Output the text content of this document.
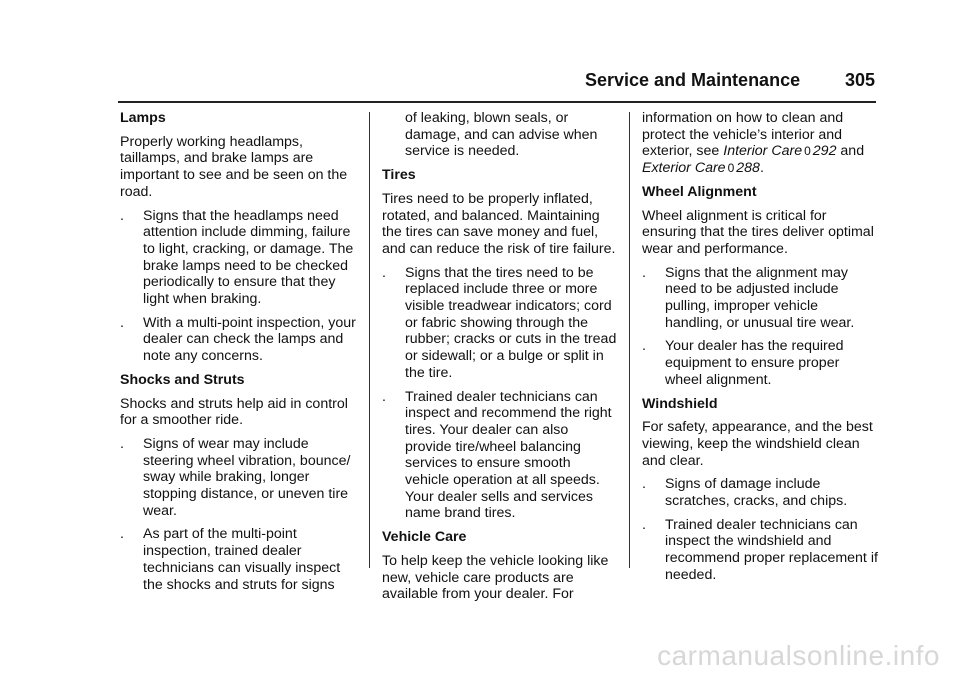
Service and Maintenance 305
Lamps

Properly working headlamps, taillamps, and brake lamps are important to see and be seen on the road.

.	Signs that the headlamps need attention include dimming, failure to light, cracking, or damage. The brake lamps need to be checked periodically to ensure that they light when braking.
.	With a multi-point inspection, your dealer can check the lamps and note any concerns.
Shocks and Struts

Shocks and struts help aid in control for a smoother ride.

.	Signs of wear may include steering wheel vibration, bounce/ sway while braking, longer stopping distance, or uneven tire wear.
.	As part of the multi-point inspection, trained dealer technicians can visually inspect the shocks and struts for signs

of leaking, blown seals, or damage, and can advise when service is needed.

Tires

Tires need to be properly inflated, rotated, and balanced. Maintaining the tires can save money and fuel, and can reduce the risk of tire failure.

.	Signs that the tires need to be replaced include three or more visible treadwear indicators; cord or fabric showing through the rubber; cracks or cuts in the tread or sidewall; or a bulge or split in the tire.
.	Trained dealer technicians can inspect and recommend the right tires. Your dealer can also provide tire/wheel balancing services to ensure smooth vehicle operation at all speeds. Your dealer sells and services name brand tires.
Vehicle Care

To help keep the vehicle looking like new, vehicle care products are available from your dealer. For

information on how to clean and protect the vehicle’s interior and exterior, see Interior Care 0 292 and Exterior Care 0 288.

Wheel Alignment

Wheel alignment is critical for ensuring that the tires deliver optimal wear and performance.

.	Signs that the alignment may need to be adjusted include pulling, improper vehicle handling, or unusual tire wear.
.	Your dealer has the required equipment to ensure proper wheel alignment.
Windshield

For safety, appearance, and the best viewing, keep the windshield clean and clear.

.	Signs of damage include scratches, cracks, and chips.
.	Trained dealer technicians can inspect the windshield and recommend proper replacement if needed.
carmanualsonline.info
